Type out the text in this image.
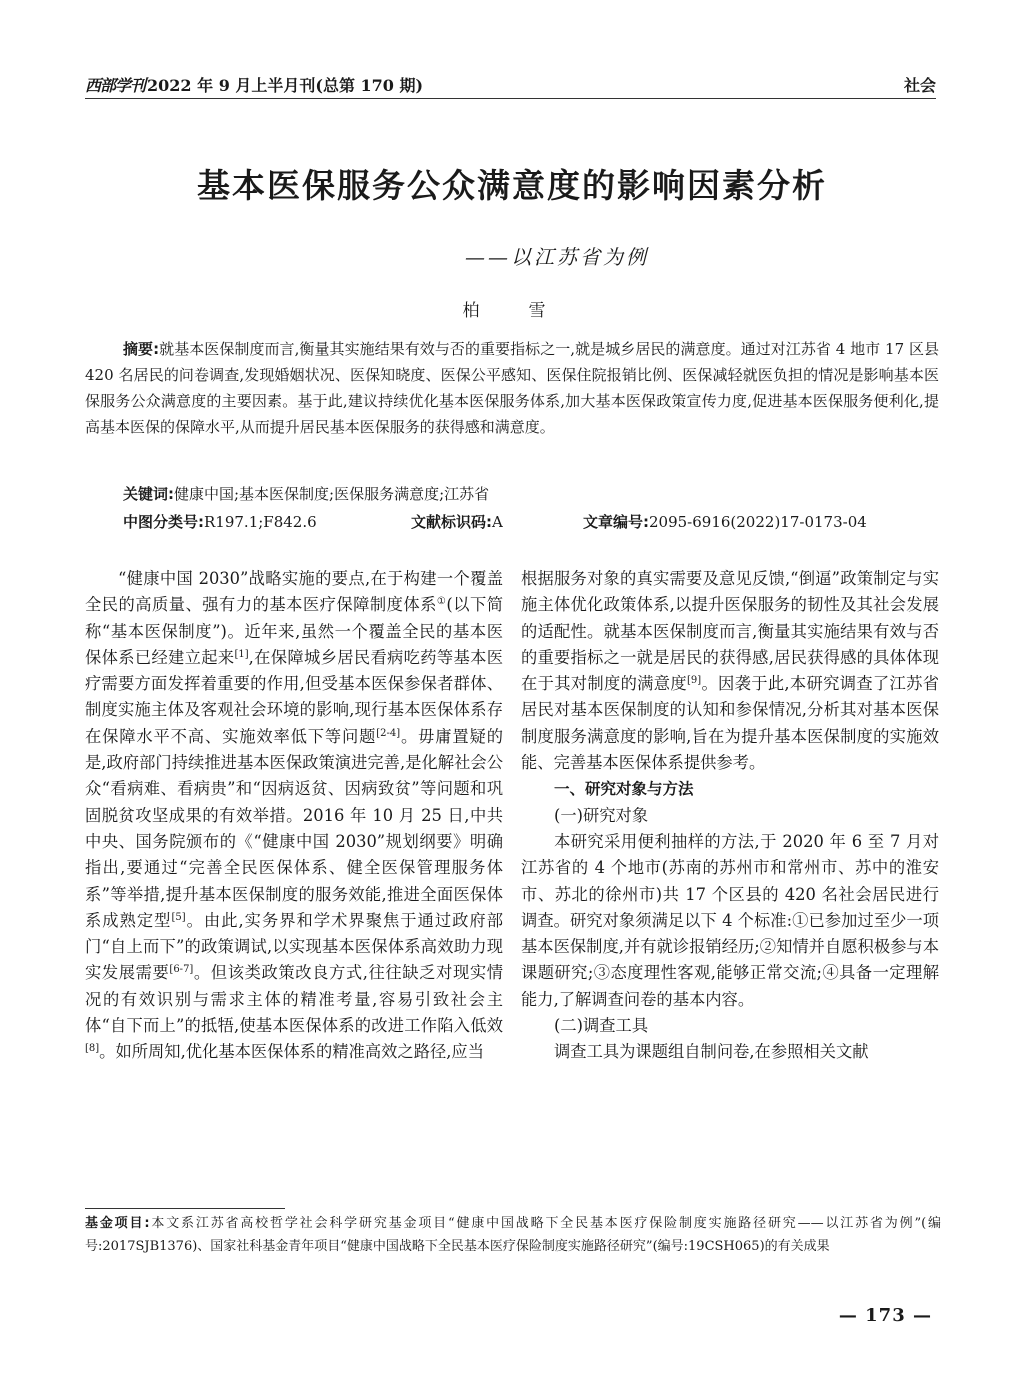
西部学刊 2022 年 9 月上半月刊(总第 170 期)	社会
基本医保服务公众满意度的影响因素分析
——以江苏省为例
柏　雪
摘要:就基本医保制度而言,衡量其实施结果有效与否的重要指标之一,就是城乡居民的满意度。通过对江苏省 4 地市 17 区县 420 名居民的问卷调查,发现婚姻状况、医保知晓度、医保公平感知、医保住院报销比例、医保减轻就医负担的情况是影响基本医保服务公众满意度的主要因素。基于此,建议持续优化基本医保服务体系,加大基本医保政策宣传力度,促进基本医保服务便利化,提高基本医保的保障水平,从而提升居民基本医保服务的获得感和满意度。
关键词:健康中国;基本医保制度;医保服务满意度;江苏省
中图分类号:R197.1;F842.6	文献标识码:A	文章编号:2095-6916(2022)17-0173-04

“健康中国 2030”战略实施的要点,在于构建一个覆盖全民的高质量、强有力的基本医疗保障制度体系①(以下简称“基本医保制度”)。近年来,虽然一个覆盖全民的基本医保体系已经建立起来[1],在保障城乡居民看病吃药等基本医疗需要方面发挥着重要的作用,但受基本医保参保者群体、制度实施主体及客观社会环境的影响,现行基本医保体系存在保障水平不高、实施效率低下等问题[2-4]。毋庸置疑的是,政府部门持续推进基本医保政策演进完善,是化解社会公众“看病难、看病贵”和“因病返贫、因病致贫”等问题和巩固脱贫攻坚成果的有效举措。2016 年 10 月 25 日,中共中央、国务院颁布的《“健康中国 2030”规划纲要》明确指出,要通过“完善全民医保体系、健全医保管理服务体系”等举措,提升基本医保制度的服务效能,推进全面医保体系成熟定型[5]。由此,实务界和学术界聚焦于通过政府部门“自上而下”的政策调试,以实现基本医保体系高效助力现实发展需要[6-7]。但该类政策改良方式,往往缺乏对现实情况的有效识别与需求主体的精准考量,容易引致社会主体“自下而上”的抵牾,使基本医保体系的改进工作陷入低效[8]。如所周知,优化基本医保体系的精准高效之路径,应当

根据服务对象的真实需要及意见反馈,“倒逼”政策制定与实施主体优化政策体系,以提升医保服务的韧性及其社会发展的适配性。就基本医保制度而言,衡量其实施结果有效与否的重要指标之一就是居民的获得感,居民获得感的具体体现在于其对制度的满意度[9]。因袭于此,本研究调查了江苏省居民对基本医保制度的认知和参保情况,分析其对基本医保制度服务满意度的影响,旨在为提升基本医保制度的实施效能、完善基本医保体系提供参考。

一、研究对象与方法

(一)研究对象

本研究采用便利抽样的方法,于 2020 年 6 至 7 月对江苏省的 4 个地市(苏南的苏州市和常州市、苏中的淮安市、苏北的徐州市)共 17 个区县的 420 名社会居民进行调查。研究对象须满足以下 4 个标准:①已参加过至少一项基本医保制度,并有就诊报销经历;②知情并自愿积极参与本课题研究;③态度理性客观,能够正常交流;④具备一定理解能力,了解调查问卷的基本内容。

(二)调查工具

调查工具为课题组自制问卷,在参照相关文献

基金项目:本文系江苏省高校哲学社会科学研究基金项目“健康中国战略下全民基本医疗保险制度实施路径研究——以江苏省为例”(编号:2017SJB1376)、国家社科基金青年项目“健康中国战略下全民基本医疗保险制度实施路径研究”(编号:19CSH065)的有关成果
— 173 —
